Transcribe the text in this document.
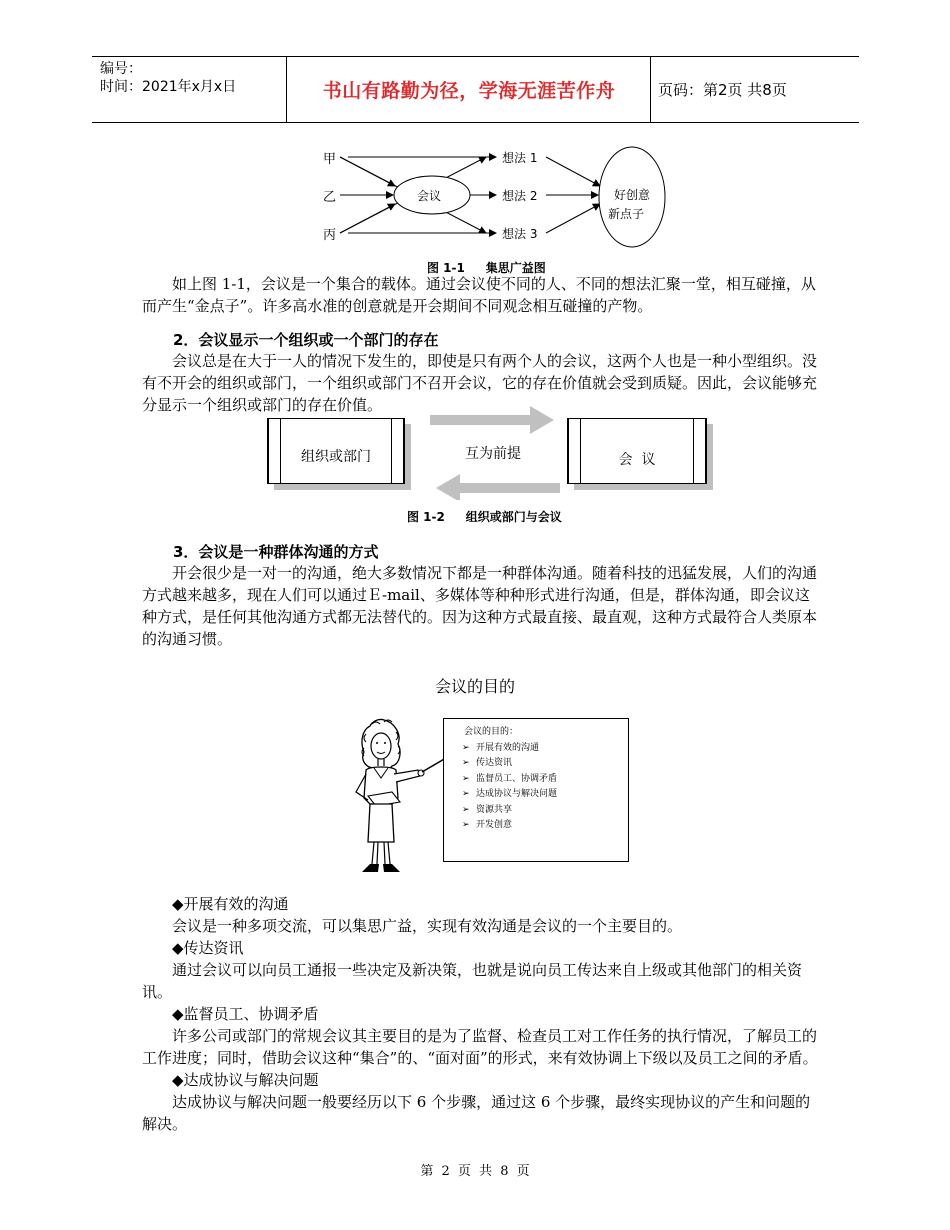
编号：
时间：2021年x月x日	书山有路勤为径，学海无涯苦作舟	页码：第2页 共8页
甲
乙
丙
会议
想法 1
想法 2
想法 3
好创意
新点子
图 1-1     集思广益图

如上图 1-1，会议是一个集合的载体。通过会议使不同的人、不同的想法汇聚一堂，相互碰撞，从而产生“金点子”。许多高水准的创意就是开会期间不同观念相互碰撞的产物。

2．会议显示一个组织或一个部门的存在

会议总是在大于一人的情况下发生的，即使是只有两个人的会议，这两个人也是一种小型组织。没有不开会的组织或部门，一个组织或部门不召开会议，它的存在价值就会受到质疑。因此，会议能够充分显示一个组织或部门的存在价值。

组织或部门	会  议
互为前提
图 1-2     组织或部门与会议
3．会议是一种群体沟通的方式

开会很少是一对一的沟通，绝大多数情况下都是一种群体沟通。随着科技的迅猛发展，人们的沟通方式越来越多，现在人们可以通过Ｅ-mail、多媒体等种种形式进行沟通，但是，群体沟通，即会议这种方式，是任何其他沟通方式都无法替代的。因为这种方式最直接、最直观，这种方式最符合人类原本的沟通习惯。

会议的目的
会议的目的：
➢ 开展有效的沟通
➢ 传达资讯
➢ 监督员工、协调矛盾
➢ 达成协议与解决问题
➢ 资源共享
➢ 开发创意

◆开展有效的沟通

会议是一种多项交流，可以集思广益，实现有效沟通是会议的一个主要目的。

◆传达资讯

通过会议可以向员工通报一些决定及新决策，也就是说向员工传达来自上级或其他部门的相关资讯。

◆监督员工、协调矛盾

许多公司或部门的常规会议其主要目的是为了监督、检查员工对工作任务的执行情况，了解员工的工作进度；同时，借助会议这种“集合”的、“面对面”的形式，来有效协调上下级以及员工之间的矛盾。

◆达成协议与解决问题

达成协议与解决问题一般要经历以下 6 个步骤，通过这 6 个步骤，最终实现协议的产生和问题的解决。

第 2 页 共 8 页
